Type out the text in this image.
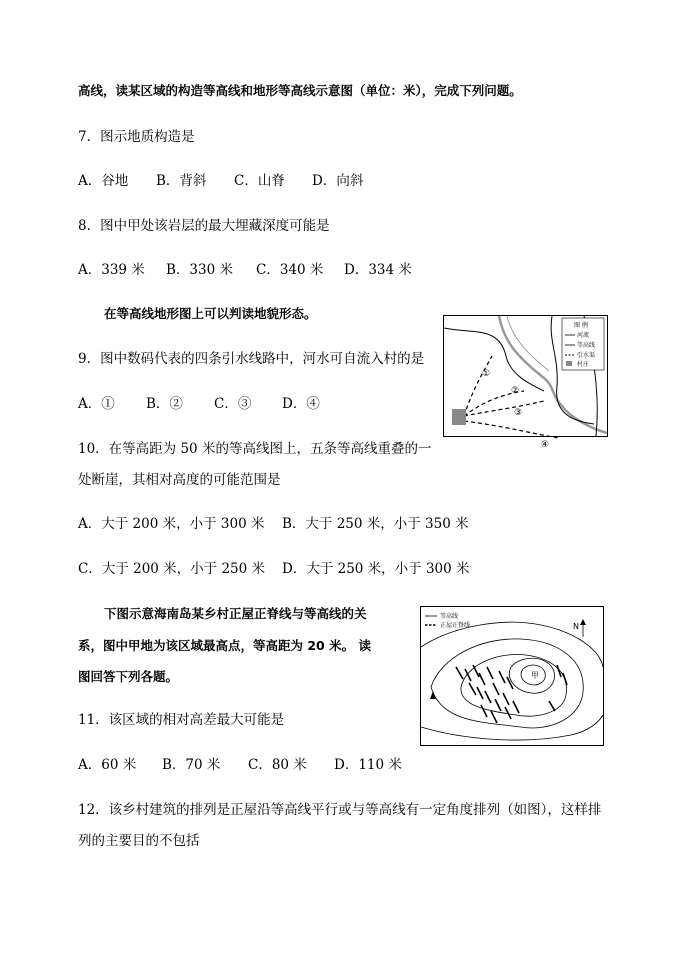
高线，读某区域的构造等高线和地形等高线示意图（单位：米），完成下列问题。
7．图示地质构造是
A．谷地 B．背斜 C．山脊 D．向斜
8．图中甲处该岩层的最大埋藏深度可能是
A．339 米 B．330 米 C．340 米 D．334 米
在等高线地形图上可以判读地貌形态。
①
②
③
④
图 例
河流
等高线
引水渠
村庄
9．图中数码代表的四条引水线路中，河水可自流入村的是
A．① B．② C．③ D．④
10．在等高距为 50 米的等高线图上，五条等高线重叠的一
处断崖，其相对高度的可能范围是
A．大于 200 米，小于 300 米 B．大于 250 米，小于 350 米
C．大于 200 米，小于 250 米 D．大于 250 米，小于 300 米
下图示意海南岛某乡村正屋正脊线与等高线的关
系，图中甲地为该区域最高点，等高距为 20 米。 读
图回答下列各题。
等高线
正屋正脊线	N
甲
11．该区域的相对高差最大可能是
A．60 米 B．70 米 C．80 米 D．110 米
12．该乡村建筑的排列是正屋沿等高线平行或与等高线有一定角度排列（如图），这样排
列的主要目的不包括
